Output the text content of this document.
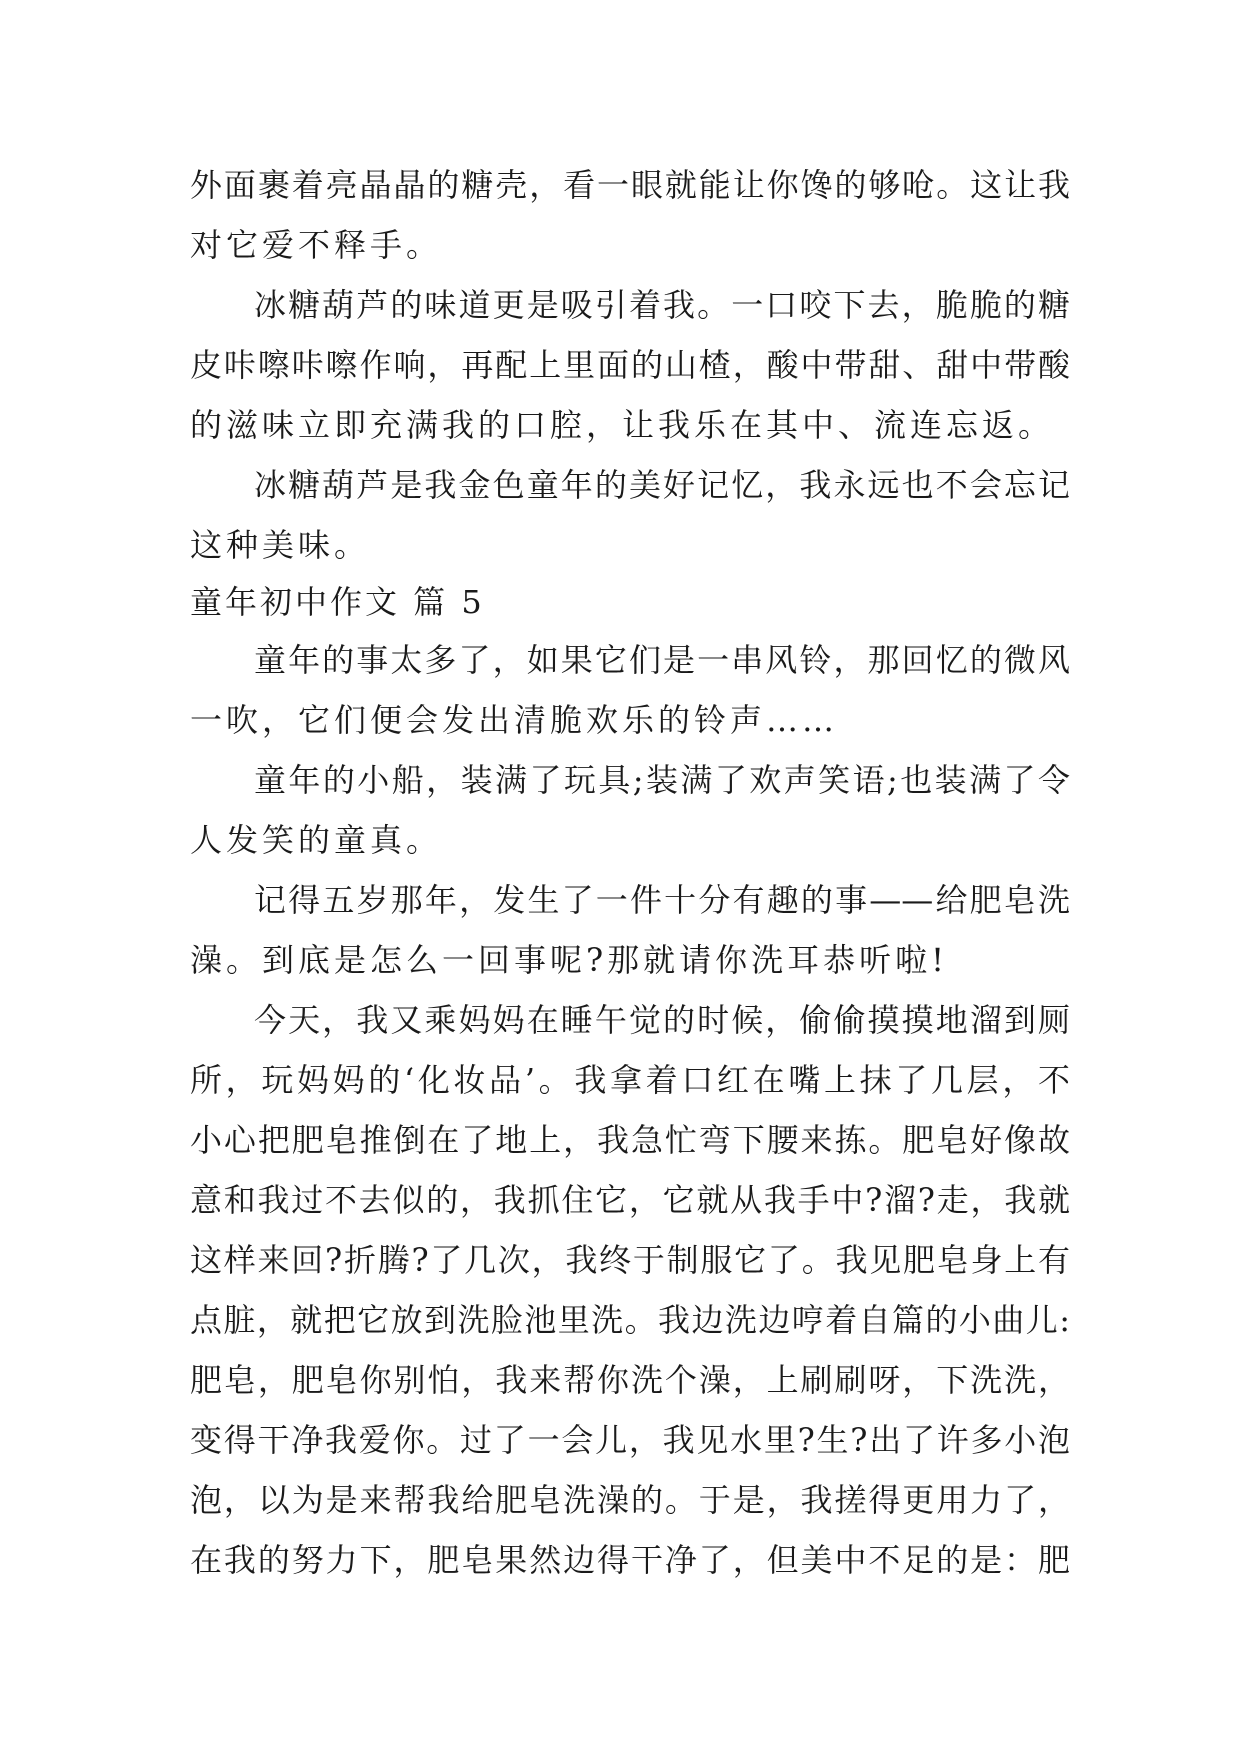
外面裹着亮晶晶的糖壳，看一眼就能让你馋的够呛。这让我

对它爱不释手。

冰糖葫芦的味道更是吸引着我。一口咬下去，脆脆的糖

皮咔嚓咔嚓作响，再配上里面的山楂，酸中带甜、甜中带酸

的滋味立即充满我的口腔，让我乐在其中、流连忘返。

冰糖葫芦是我金色童年的美好记忆，我永远也不会忘记

这种美味。

童年初中作文 篇 5

童年的事太多了，如果它们是一串风铃，那回忆的微风

一吹，它们便会发出清脆欢乐的铃声……

童年的小船，装满了玩具;装满了欢声笑语;也装满了令

人发笑的童真。

记得五岁那年，发生了一件十分有趣的事——给肥皂洗

澡。到底是怎么一回事呢?那就请你洗耳恭听啦!

今天，我又乘妈妈在睡午觉的时候，偷偷摸摸地溜到厕

所，玩妈妈的‘化妆品’。我拿着口红在嘴上抹了几层，不

小心把肥皂推倒在了地上，我急忙弯下腰来拣。肥皂好像故

意和我过不去似的，我抓住它，它就从我手中?溜?走，我就

这样来回?折腾?了几次，我终于制服它了。我见肥皂身上有

点脏，就把它放到洗脸池里洗。我边洗边哼着自篇的小曲儿:

肥皂，肥皂你别怕，我来帮你洗个澡，上刷刷呀，下洗洗，

变得干净我爱你。过了一会儿，我见水里?生?出了许多小泡

泡，以为是来帮我给肥皂洗澡的。于是，我搓得更用力了，

在我的努力下，肥皂果然边得干净了，但美中不足的是：肥
